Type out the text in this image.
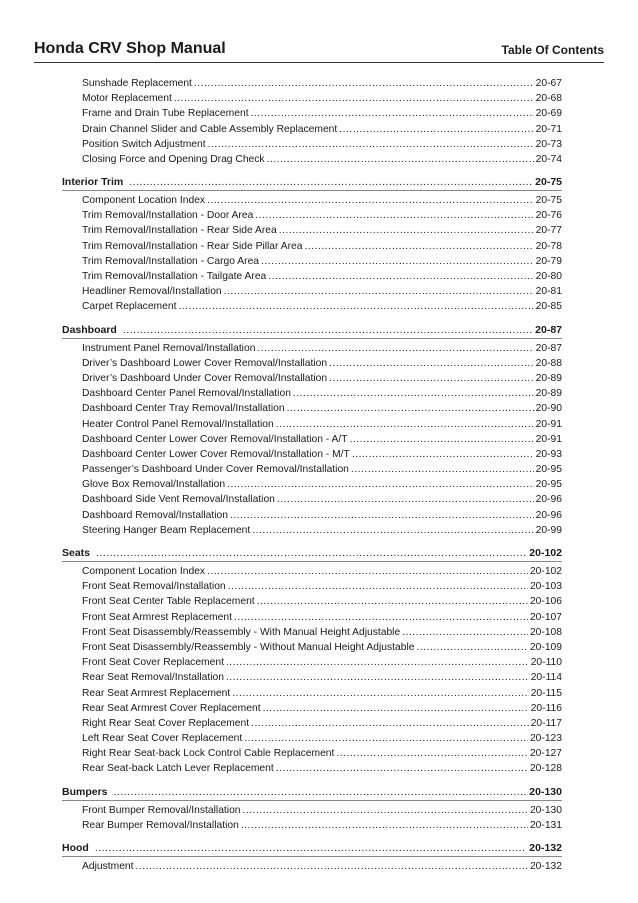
Honda CRV Shop Manual	Table Of Contents
Sunshade Replacement .....	20-67
Motor Replacement .....	20-68
Frame and Drain Tube Replacement .....	20-69
Drain Channel Slider and Cable Assembly Replacement .....	20-71
Position Switch Adjustment .....	20-73
Closing Force and Opening Drag Check .....	20-74
Interior Trim .....	20-75
Component Location Index .....	20-75
Trim Removal/Installation - Door Area .....	20-76
Trim Removal/Installation - Rear Side Area .....	20-77
Trim Removal/Installation - Rear Side Pillar Area .....	20-78
Trim Removal/Installation - Cargo Area .....	20-79
Trim Removal/Installation - Tailgate Area .....	20-80
Headliner Removal/Installation .....	20-81
Carpet Replacement .....	20-85
Dashboard .....	20-87
Instrument Panel Removal/Installation .....	20-87
Driver’s Dashboard Lower Cover Removal/Installation .....	20-88
Driver’s Dashboard Under Cover Removal/Installation .....	20-89
Dashboard Center Panel Removal/Installation .....	20-89
Dashboard Center Tray Removal/Installation .....	20-90
Heater Control Panel Removal/Installation .....	20-91
Dashboard Center Lower Cover Removal/Installation - A/T .....	20-91
Dashboard Center Lower Cover Removal/Installation - M/T .....	20-93
Passenger’s Dashboard Under Cover Removal/Installation .....	20-95
Glove Box Removal/Installation .....	20-95
Dashboard Side Vent Removal/Installation .....	20-96
Dashboard Removal/Installation .....	20-96
Steering Hanger Beam Replacement .....	20-99
Seats .....	20-102
Component Location Index .....	20-102
Front Seat Removal/Installation .....	20-103
Front Seat Center Table Replacement .....	20-106
Front Seat Armrest Replacement .....	20-107
Front Seat Disassembly/Reassembly - With Manual Height Adjustable .....	20-108
Front Seat Disassembly/Reassembly - Without Manual Height Adjustable .....	20-109
Front Seat Cover Replacement .....	20-110
Rear Seat Removal/Installation .....	20-114
Rear Seat Armrest Replacement .....	20-115
Rear Seat Armrest Cover Replacement .....	20-116
Right Rear Seat Cover Replacement .....	20-117
Left Rear Seat Cover Replacement .....	20-123
Right Rear Seat-back Lock Control Cable Replacement .....	20-127
Rear Seat-back Latch Lever Replacement .....	20-128
Bumpers .....	20-130
Front Bumper Removal/Installation .....	20-130
Rear Bumper Removal/Installation .....	20-131
Hood .....	20-132
Adjustment .....	20-132
